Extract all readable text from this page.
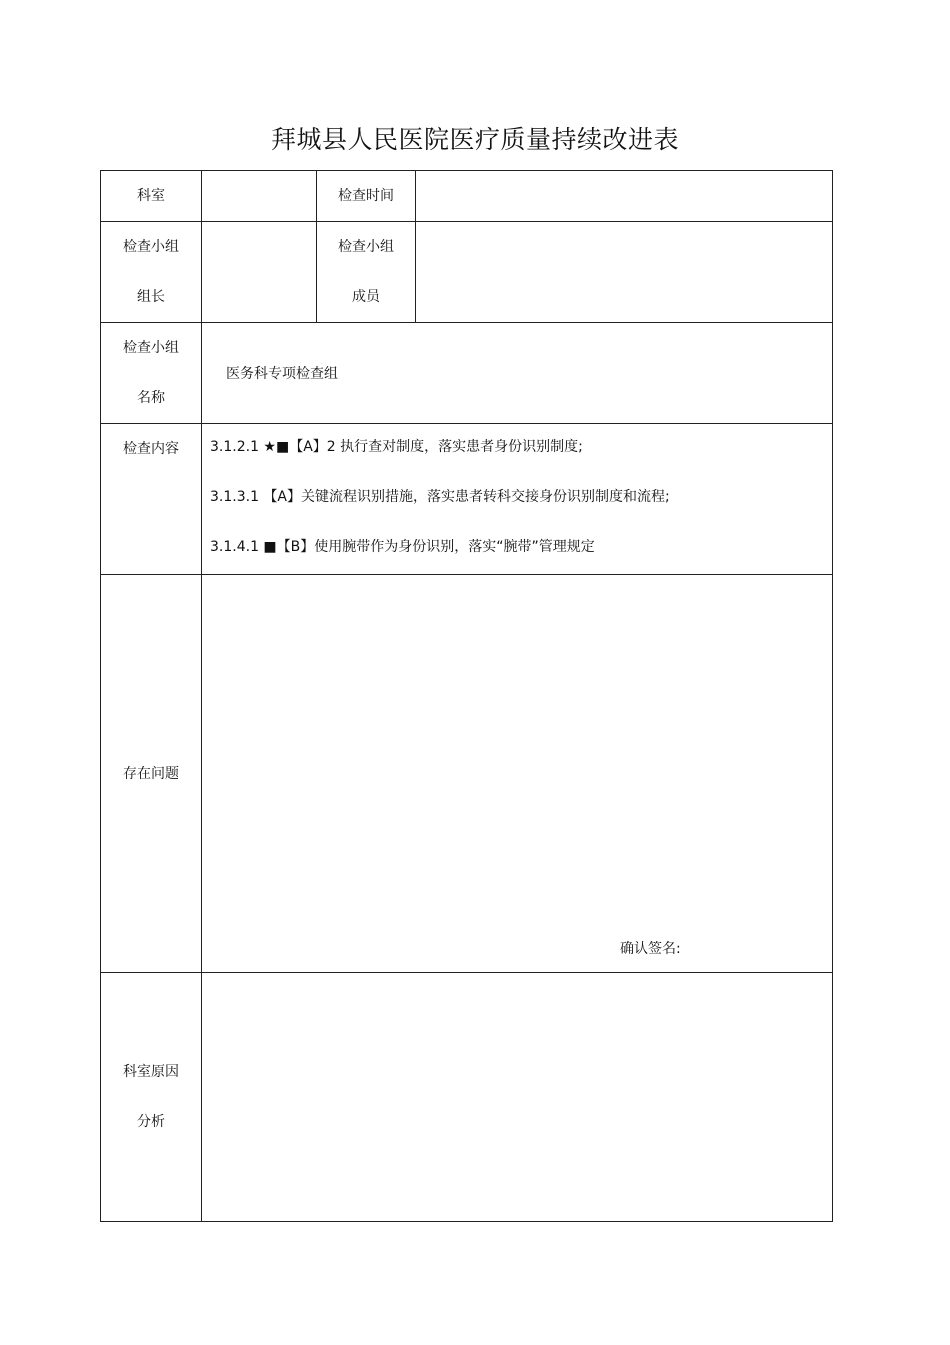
拜城县人民医院医疗质量持续改进表
科室		检查时间	

检查小组
组长		检查小组
成员	

检查小组
名称	医务科专项检查组		

检查内容	3.1.2.1 ★■【A】2 执行查对制度，落实患者身份识别制度;
3.1.3.1 【A】关键流程识别措施，落实患者转科交接身份识别制度和流程;
3.1.4.1 ■【B】使用腕带作为身份识别，落实“腕带”管理规定		

存在问题	确认签名:		

科室原因
分析			
